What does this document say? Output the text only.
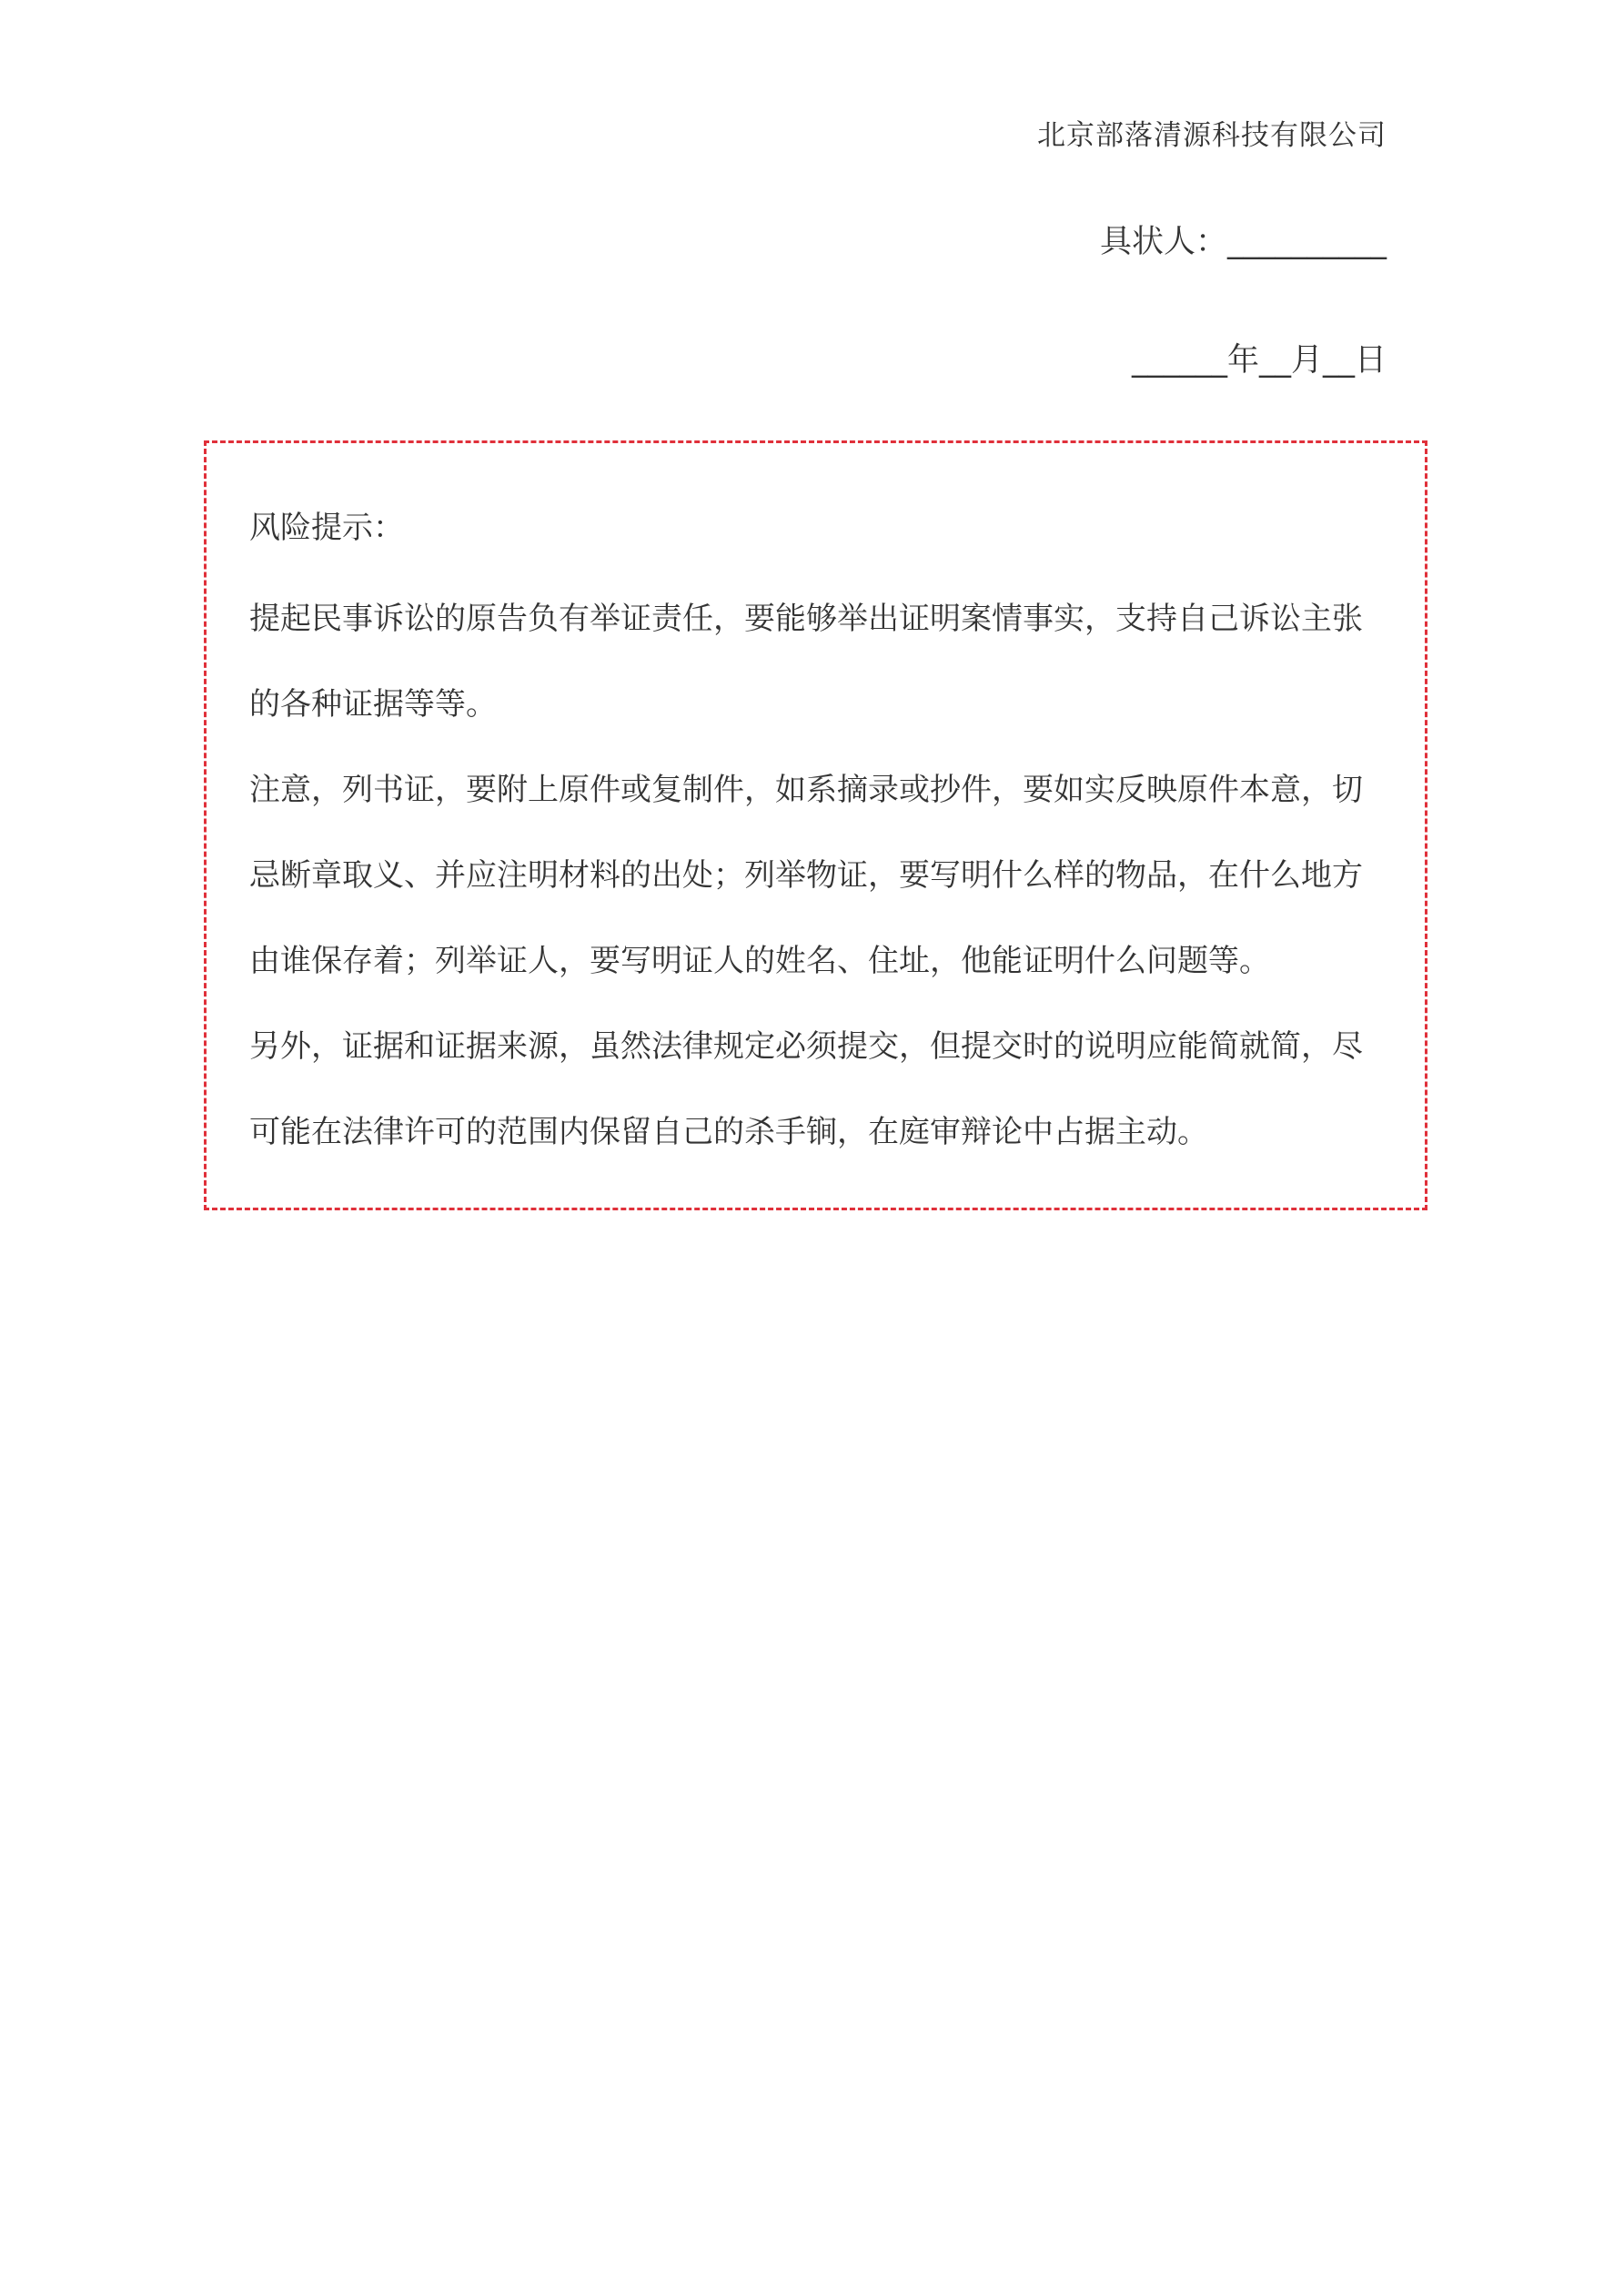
北京部落清源科技有限公司
具状人：__________
______年__月__日
风险提示：
提起民事诉讼的原告负有举证责任，要能够举出证明案情事实，支持自己诉讼主张
的各种证据等等。
注意，列书证，要附上原件或复制件，如系摘录或抄件，要如实反映原件本意，切
忌断章取义、并应注明材料的出处；列举物证，要写明什么样的物品，在什么地方
由谁保存着；列举证人，要写明证人的姓名、住址，他能证明什么问题等。
另外，证据和证据来源，虽然法律规定必须提交，但提交时的说明应能简就简，尽
可能在法律许可的范围内保留自己的杀手锏，在庭审辩论中占据主动。
